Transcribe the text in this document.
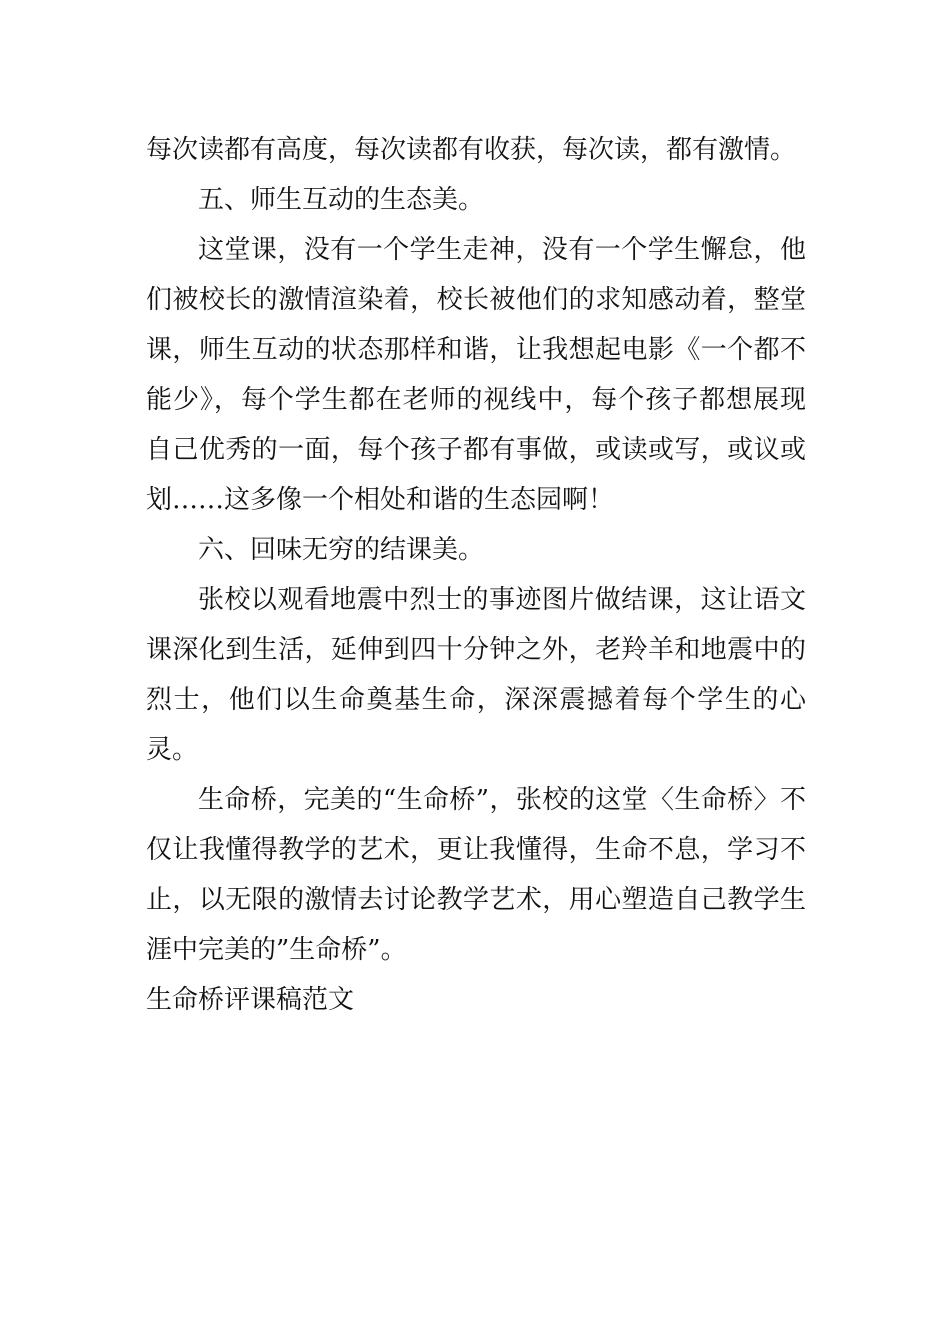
每次读都有高度，每次读都有收获，每次读，都有激情。

五、师生互动的生态美。

这堂课，没有一个学生走神，没有一个学生懈怠，他们被校长的激情渲染着，校长被他们的求知感动着，整堂课，师生互动的状态那样和谐，让我想起电影《一个都不能少》，每个学生都在老师的视线中，每个孩子都想展现自己优秀的一面，每个孩子都有事做，或读或写，或议或划……这多像一个相处和谐的生态园啊！

六、回味无穷的结课美。

张校以观看地震中烈士的事迹图片做结课，这让语文课深化到生活，延伸到四十分钟之外，老羚羊和地震中的烈士，他们以生命奠基生命，深深震撼着每个学生的心灵。

生命桥，完美的“生命桥”，张校的这堂〈生命桥〉不仅让我懂得教学的艺术，更让我懂得，生命不息，学习不止，以无限的激情去讨论教学艺术，用心塑造自己教学生涯中完美的”生命桥”。

生命桥评课稿范文
